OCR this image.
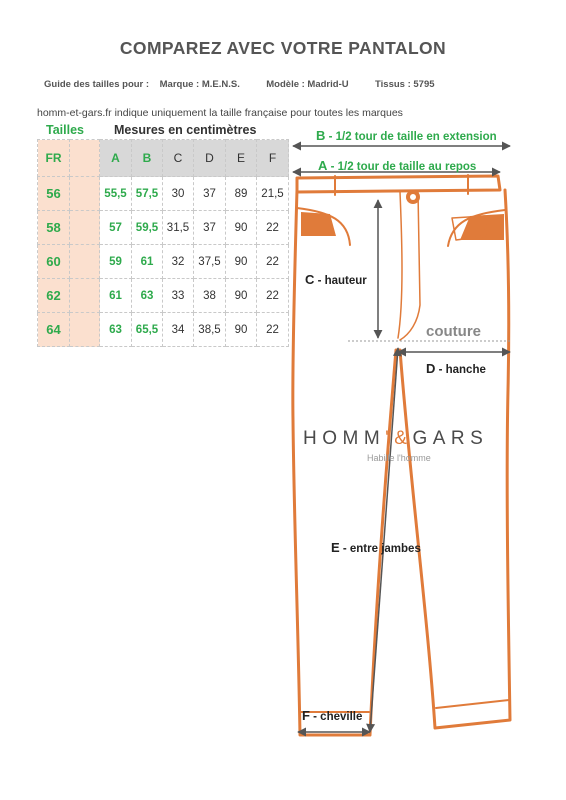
COMPAREZ AVEC VOTRE PANTALON
Guide des tailles pour : Marque : M.E.N.S.	Modèle : Madrid-U	Tissus : 5795
homm-et-gars.fr indique uniquement la taille française pour toutes les marques
Tailles Mesures en centimètres
FR		A	B	C	D	E	F
56		55,5	57,5	30	37	89	21,5
58		57	59,5	31,5	37	90	22
60		59	61	32	37,5	90	22
62		61	63	33	38	90	22
64		63	65,5	34	38,5	90	22
B - 1/2 tour de taille en extension
A - 1/2 tour de taille au repos
C - hauteur
couture
D - hanche
E - entre jambes
F - cheville
HOMM'&GARS
Habille l'homme
